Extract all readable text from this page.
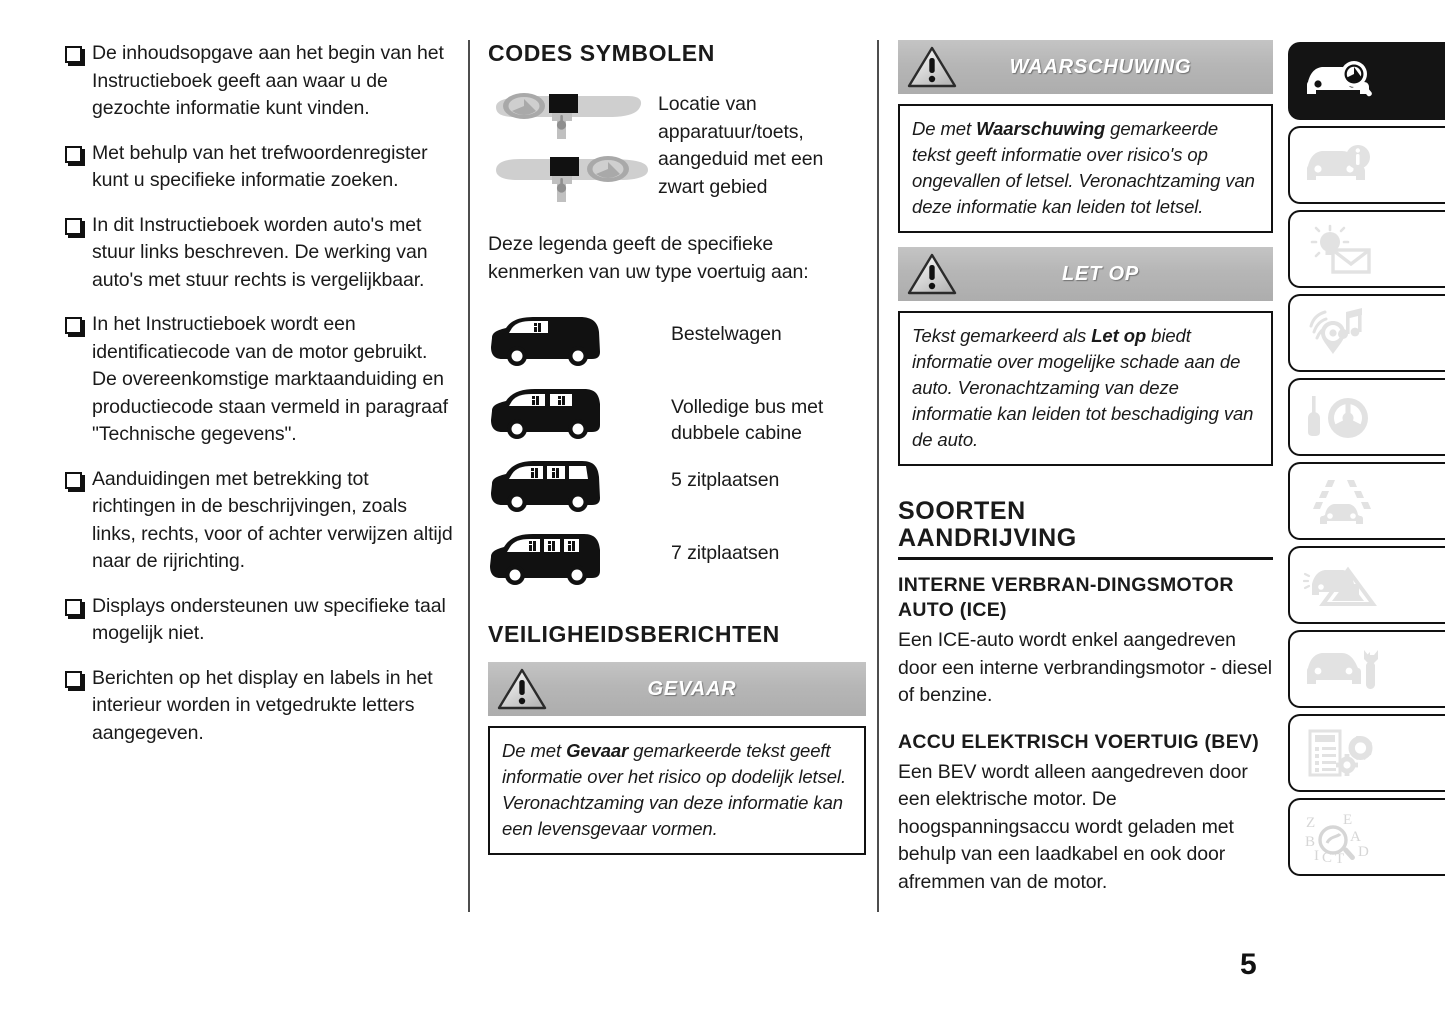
De inhoudsopgave aan het begin van het Instructieboek geeft aan waar u de gezochte informatie kunt vinden.
Met behulp van het trefwoordenregister kunt u specifieke informatie zoeken.
In dit Instructieboek worden auto's met stuur links beschreven. De werking van auto's met stuur rechts is vergelijkbaar.
In het Instructieboek wordt een identificatiecode van de motor gebruikt. De overeenkomstige marktaanduiding en productiecode staan vermeld in paragraaf "Technische gegevens".
Aanduidingen met betrekking tot richtingen in de beschrijvingen, zoals links, rechts, voor of achter verwijzen altijd naar de rijrichting.
Displays ondersteunen uw specifieke taal mogelijk niet.
Berichten op het display en labels in het interieur worden in vetgedrukte letters aangegeven.
CODES SYMBOLEN

Locatie van apparatuur/toets, aangeduid met een zwart gebied

Deze legenda geeft de specifieke kenmerken van uw type voertuig aan:

Bestelwagen
Volledige bus met dubbele cabine
5 zitplaatsen
7 zitplaatsen
VEILIGHEIDSBERICHTEN
GEVAAR
De met Gevaar gemarkeerde tekst geeft informatie over het risico op dodelijk letsel. Veronachtzaming van deze informatie kan een levensgevaar vormen.
WAARSCHUWING
De met Waarschuwing gemarkeerde tekst geeft informatie over risico's op ongevallen of letsel. Veronachtzaming van deze informatie kan leiden tot letsel.
LET OP
Tekst gemarkeerd als Let op biedt informatie over mogelijke schade aan de auto. Veronachtzaming van deze informatie kan leiden tot beschadiging van de auto.
SOORTEN
AANDRIJVING
INTERNE VERBRAN-DINGSMOTOR AUTO (ICE)

Een ICE-auto wordt enkel aangedreven door een interne verbrandingsmotor - diesel of benzine.

ACCU ELEKTRISCH VOERTUIG (BEV)

Een BEV wordt alleen aangedreven door een elektrische motor. De hoogspanningsaccu wordt geladen met behulp van een laadkabel en ook door afremmen van de motor.

Z
B
I C T
E
A
D
5
